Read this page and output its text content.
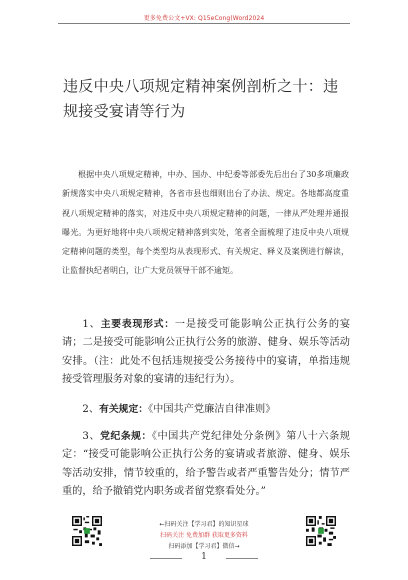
更多免费公文+VX: Q15eCong(Word2024
违反中央八项规定精神案例剖析之十：违规接受宴请等行为
根据中央八项规定精神，中办、国办、中纪委等部委先后出台了30多项廉政新规落实中央八项规定精神，各省市县也细则出台了办法、规定。各地都高度重视八项规定精神的落实，对违反中央八项规定精神的问题，一律从严处理并通报曝光。为更好地将中央八项规定精神落到实处，笔者全面梳理了违反中央八项规定精神问题的类型，每个类型均从表现形式、有关规定、释义及案例进行解读，让监督执纪者明白，让广大党员领导干部不逾矩。
1、主要表现形式：一是接受可能影响公正执行公务的宴请；二是接受可能影响公正执行公务的旅游、健身、娱乐等活动安排。（注：此处不包括违规接受公务接待中的宴请，单指违规接受管理服务对象的宴请的违纪行为）。
2、有关规定：《中国共产党廉洁自律准则》
3、党纪条规：《中国共产党纪律处分条例》第八十六条规定：“接受可能影响公正执行公务的宴请或者旅游、健身、娱乐等活动安排，情节较重的，给予警告或者严重警告处分；情节严重的，给予撤销党内职务或者留党察看处分。”
←扫码关注【学习君】的知识星球
扫码关注 免费加群 获取更多资料
扫码添加【学习君】微信→
1
